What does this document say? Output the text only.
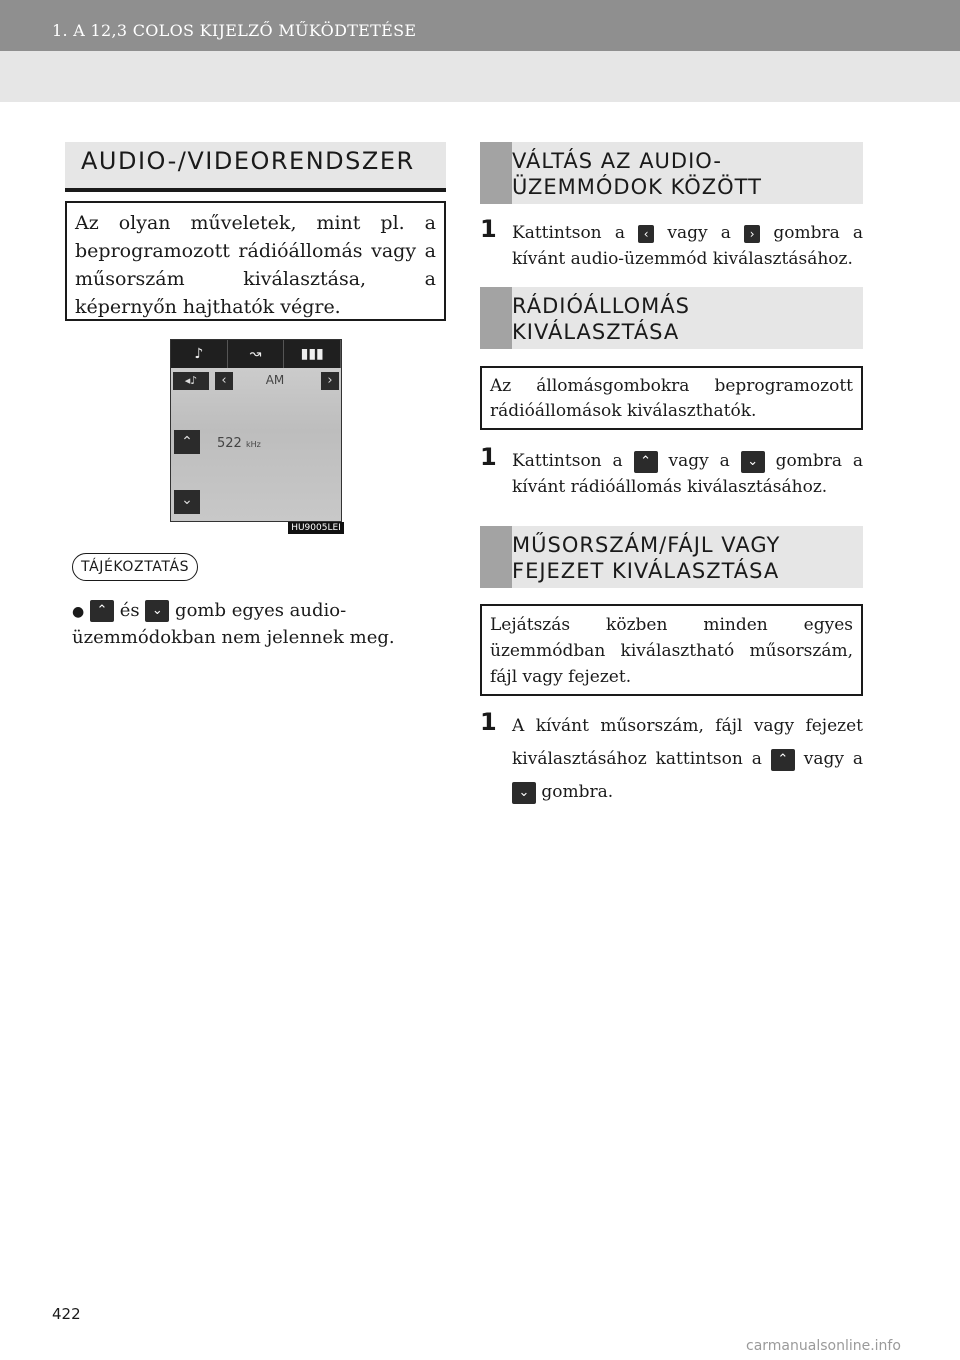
1. A 12,3 COLOS KIJELZŐ MŰKÖDTETÉSE
AUDIO-/VIDEORENDSZER
Az olyan műveletek, mint pl. a beprogramozott rádióállomás vagy a műsorszám kiválasztása, a képernyőn hajthatók végre.
♪	↝	▮▮▮
◂♪	‹	AM	›
522 kHz
⌃
⌄
HU9005LEI
TÁJÉKOZTATÁS
● ⌃ és ⌄ gomb egyes audio-üzemmódokban nem jelennek meg.
VÁLTÁS AZ AUDIO-
ÜZEMMÓDOK KÖZÖTT
1 Kattintson a ‹ vagy a › gombra a kívánt audio-üzemmód kiválasztásához.
RÁDIÓÁLLOMÁS
KIVÁLASZTÁSA
Az állomásgombokra beprogramozott rádióállomások kiválaszthatók.
1 Kattintson a ⌃ vagy a ⌄ gombra a kívánt rádióállomás kiválasztásához.
MŰSORSZÁM/FÁJL VAGY
FEJEZET KIVÁLASZTÁSA
Lejátszás közben minden egyes üzemmódban kiválasztható műsorszám, fájl vagy fejezet.
1 A kívánt műsorszám, fájl vagy fejezet kiválasztásához kattintson a ⌃ vagy a ⌄ gombra.
422
carmanualsonline.info
